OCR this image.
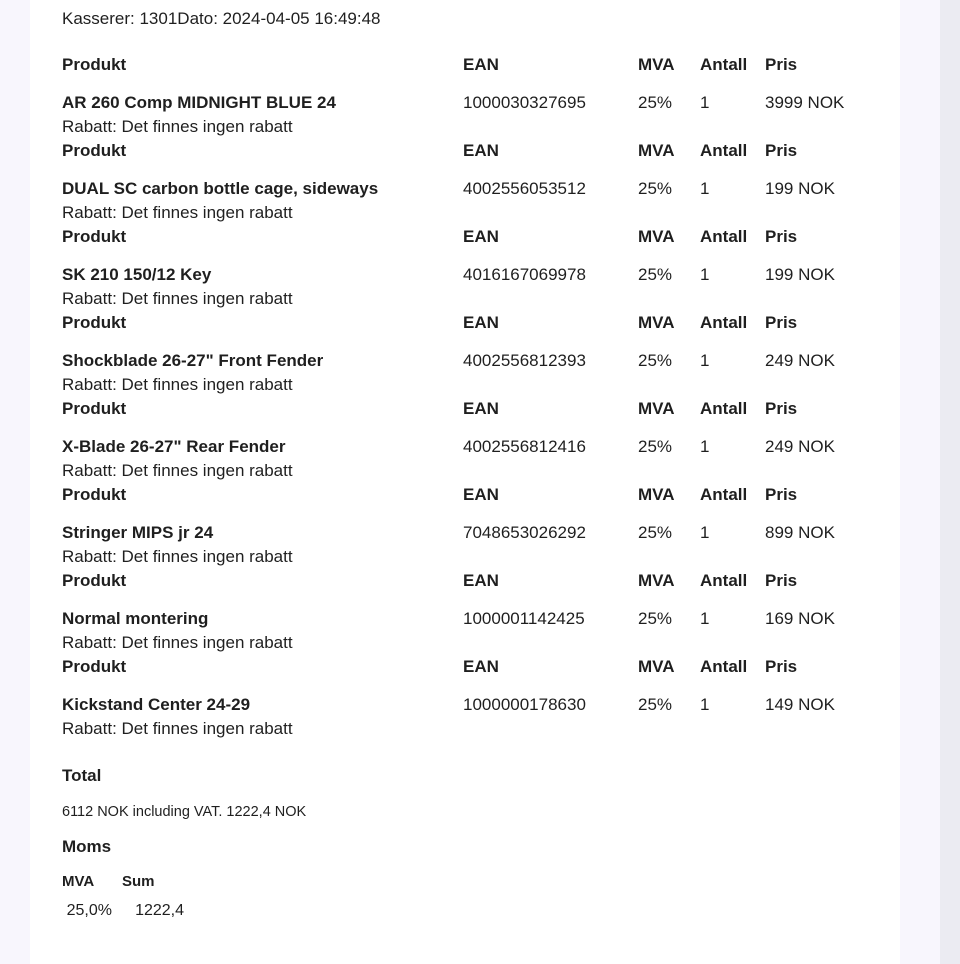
Kasserer: 1301Dato: 2024-04-05 16:49:48
Produkt	EAN	MVA	Antall	Pris
AR 260 Comp MIDNIGHT BLUE 24	1000030327695	25%	1	3999 NOK
Rabatt: Det finnes ingen rabatt
Produkt	EAN	MVA	Antall	Pris
DUAL SC carbon bottle cage, sideways	4002556053512	25%	1	199 NOK
Rabatt: Det finnes ingen rabatt
Produkt	EAN	MVA	Antall	Pris
SK 210 150/12 Key	4016167069978	25%	1	199 NOK
Rabatt: Det finnes ingen rabatt
Produkt	EAN	MVA	Antall	Pris
Shockblade 26-27" Front Fender	4002556812393	25%	1	249 NOK
Rabatt: Det finnes ingen rabatt
Produkt	EAN	MVA	Antall	Pris
X-Blade 26-27" Rear Fender	4002556812416	25%	1	249 NOK
Rabatt: Det finnes ingen rabatt
Produkt	EAN	MVA	Antall	Pris
Stringer MIPS jr 24	7048653026292	25%	1	899 NOK
Rabatt: Det finnes ingen rabatt
Produkt	EAN	MVA	Antall	Pris
Normal montering	1000001142425	25%	1	169 NOK
Rabatt: Det finnes ingen rabatt
Produkt	EAN	MVA	Antall	Pris
Kickstand Center 24-29	1000000178630	25%	1	149 NOK
Rabatt: Det finnes ingen rabatt
Total
6112 NOK including VAT. 1222,4 NOK
Moms
MVA	Sum
25,0%	1222,4
